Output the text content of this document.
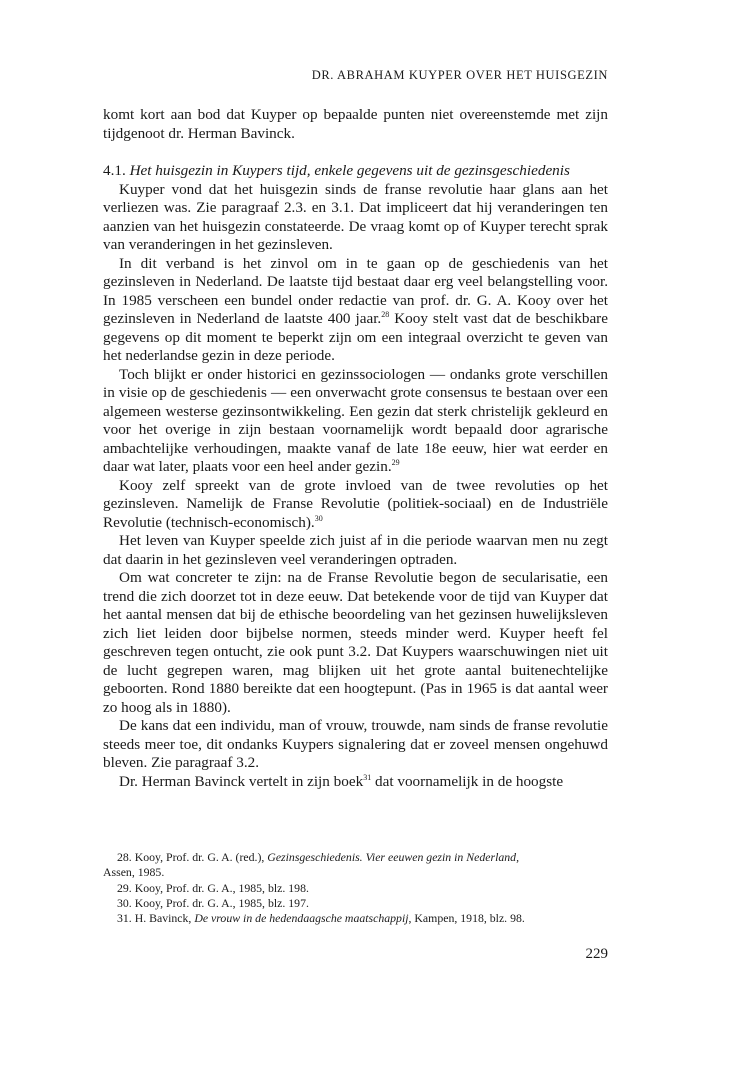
DR. ABRAHAM KUYPER OVER HET HUISGEZIN

komt kort aan bod dat Kuyper op bepaalde punten niet overeenstemde met zijn tijdgenoot dr. Herman Bavinck.

4.1. Het huisgezin in Kuypers tijd, enkele gegevens uit de gezinsgeschiedenis

Kuyper vond dat het huisgezin sinds de franse revolutie haar glans aan het verliezen was. Zie paragraaf 2.3. en 3.1. Dat impliceert dat hij veranderingen ten aanzien van het huisgezin constateerde. De vraag komt op of Kuyper terecht sprak van veranderingen in het gezinsleven.

In dit verband is het zinvol om in te gaan op de geschiedenis van het gezinsleven in Nederland. De laatste tijd bestaat daar erg veel belangstelling voor. In 1985 verscheen een bundel onder redactie van prof. dr. G. A. Kooy over het gezinsleven in Nederland de laatste 400 jaar.$^{28}$ Kooy stelt vast dat de beschikbare gegevens op dit moment te beperkt zijn om een integraal overzicht te geven van het nederlandse gezin in deze periode.

Toch blijkt er onder historici en gezinssociologen — ondanks grote verschillen in visie op de geschiedenis — een onverwacht grote consensus te bestaan over een algemeen westerse gezinsontwikkeling. Een gezin dat sterk christelijk gekleurd en voor het overige in zijn bestaan voornamelijk wordt bepaald door agrarische ambachtelijke verhoudingen, maakte vanaf de late 18e eeuw, hier wat eerder en daar wat later, plaats voor een heel ander gezin.$^{29}$

Kooy zelf spreekt van de grote invloed van de twee revoluties op het gezinsleven. Namelijk de Franse Revolutie (politiek-sociaal) en de Industriële Revolutie (technisch-economisch).$^{30}$

Het leven van Kuyper speelde zich juist af in die periode waarvan men nu zegt dat daarin in het gezinsleven veel veranderingen optraden.

Om wat concreter te zijn: na de Franse Revolutie begon de secularisatie, een trend die zich doorzet tot in deze eeuw. Dat betekende voor de tijd van Kuyper dat het aantal mensen dat bij de ethische beoordeling van het gezinsen huwelijksleven zich liet leiden door bijbelse normen, steeds minder werd. Kuyper heeft fel geschreven tegen ontucht, zie ook punt 3.2. Dat Kuypers waarschuwingen niet uit de lucht gegrepen waren, mag blijken uit het grote aantal buitenechtelijke geboorten. Rond 1880 bereikte dat een hoogtepunt. (Pas in 1965 is dat aantal weer zo hoog als in 1880).

De kans dat een individu, man of vrouw, trouwde, nam sinds de franse revolutie steeds meer toe, dit ondanks Kuypers signalering dat er zoveel mensen ongehuwd bleven. Zie paragraaf 3.2.

Dr. Herman Bavinck vertelt in zijn boek$^{31}$ dat voornamelijk in de hoogste

28. Kooy, Prof. dr. G. A. (red.), Gezinsgeschiedenis. Vier eeuwen gezin in Nederland,

Assen, 1985.

29. Kooy, Prof. dr. G. A., 1985, blz. 198.

30. Kooy, Prof. dr. G. A., 1985, blz. 197.

31. H. Bavinck, De vrouw in de hedendaagsche maatschappij, Kampen, 1918, blz. 98.

229
